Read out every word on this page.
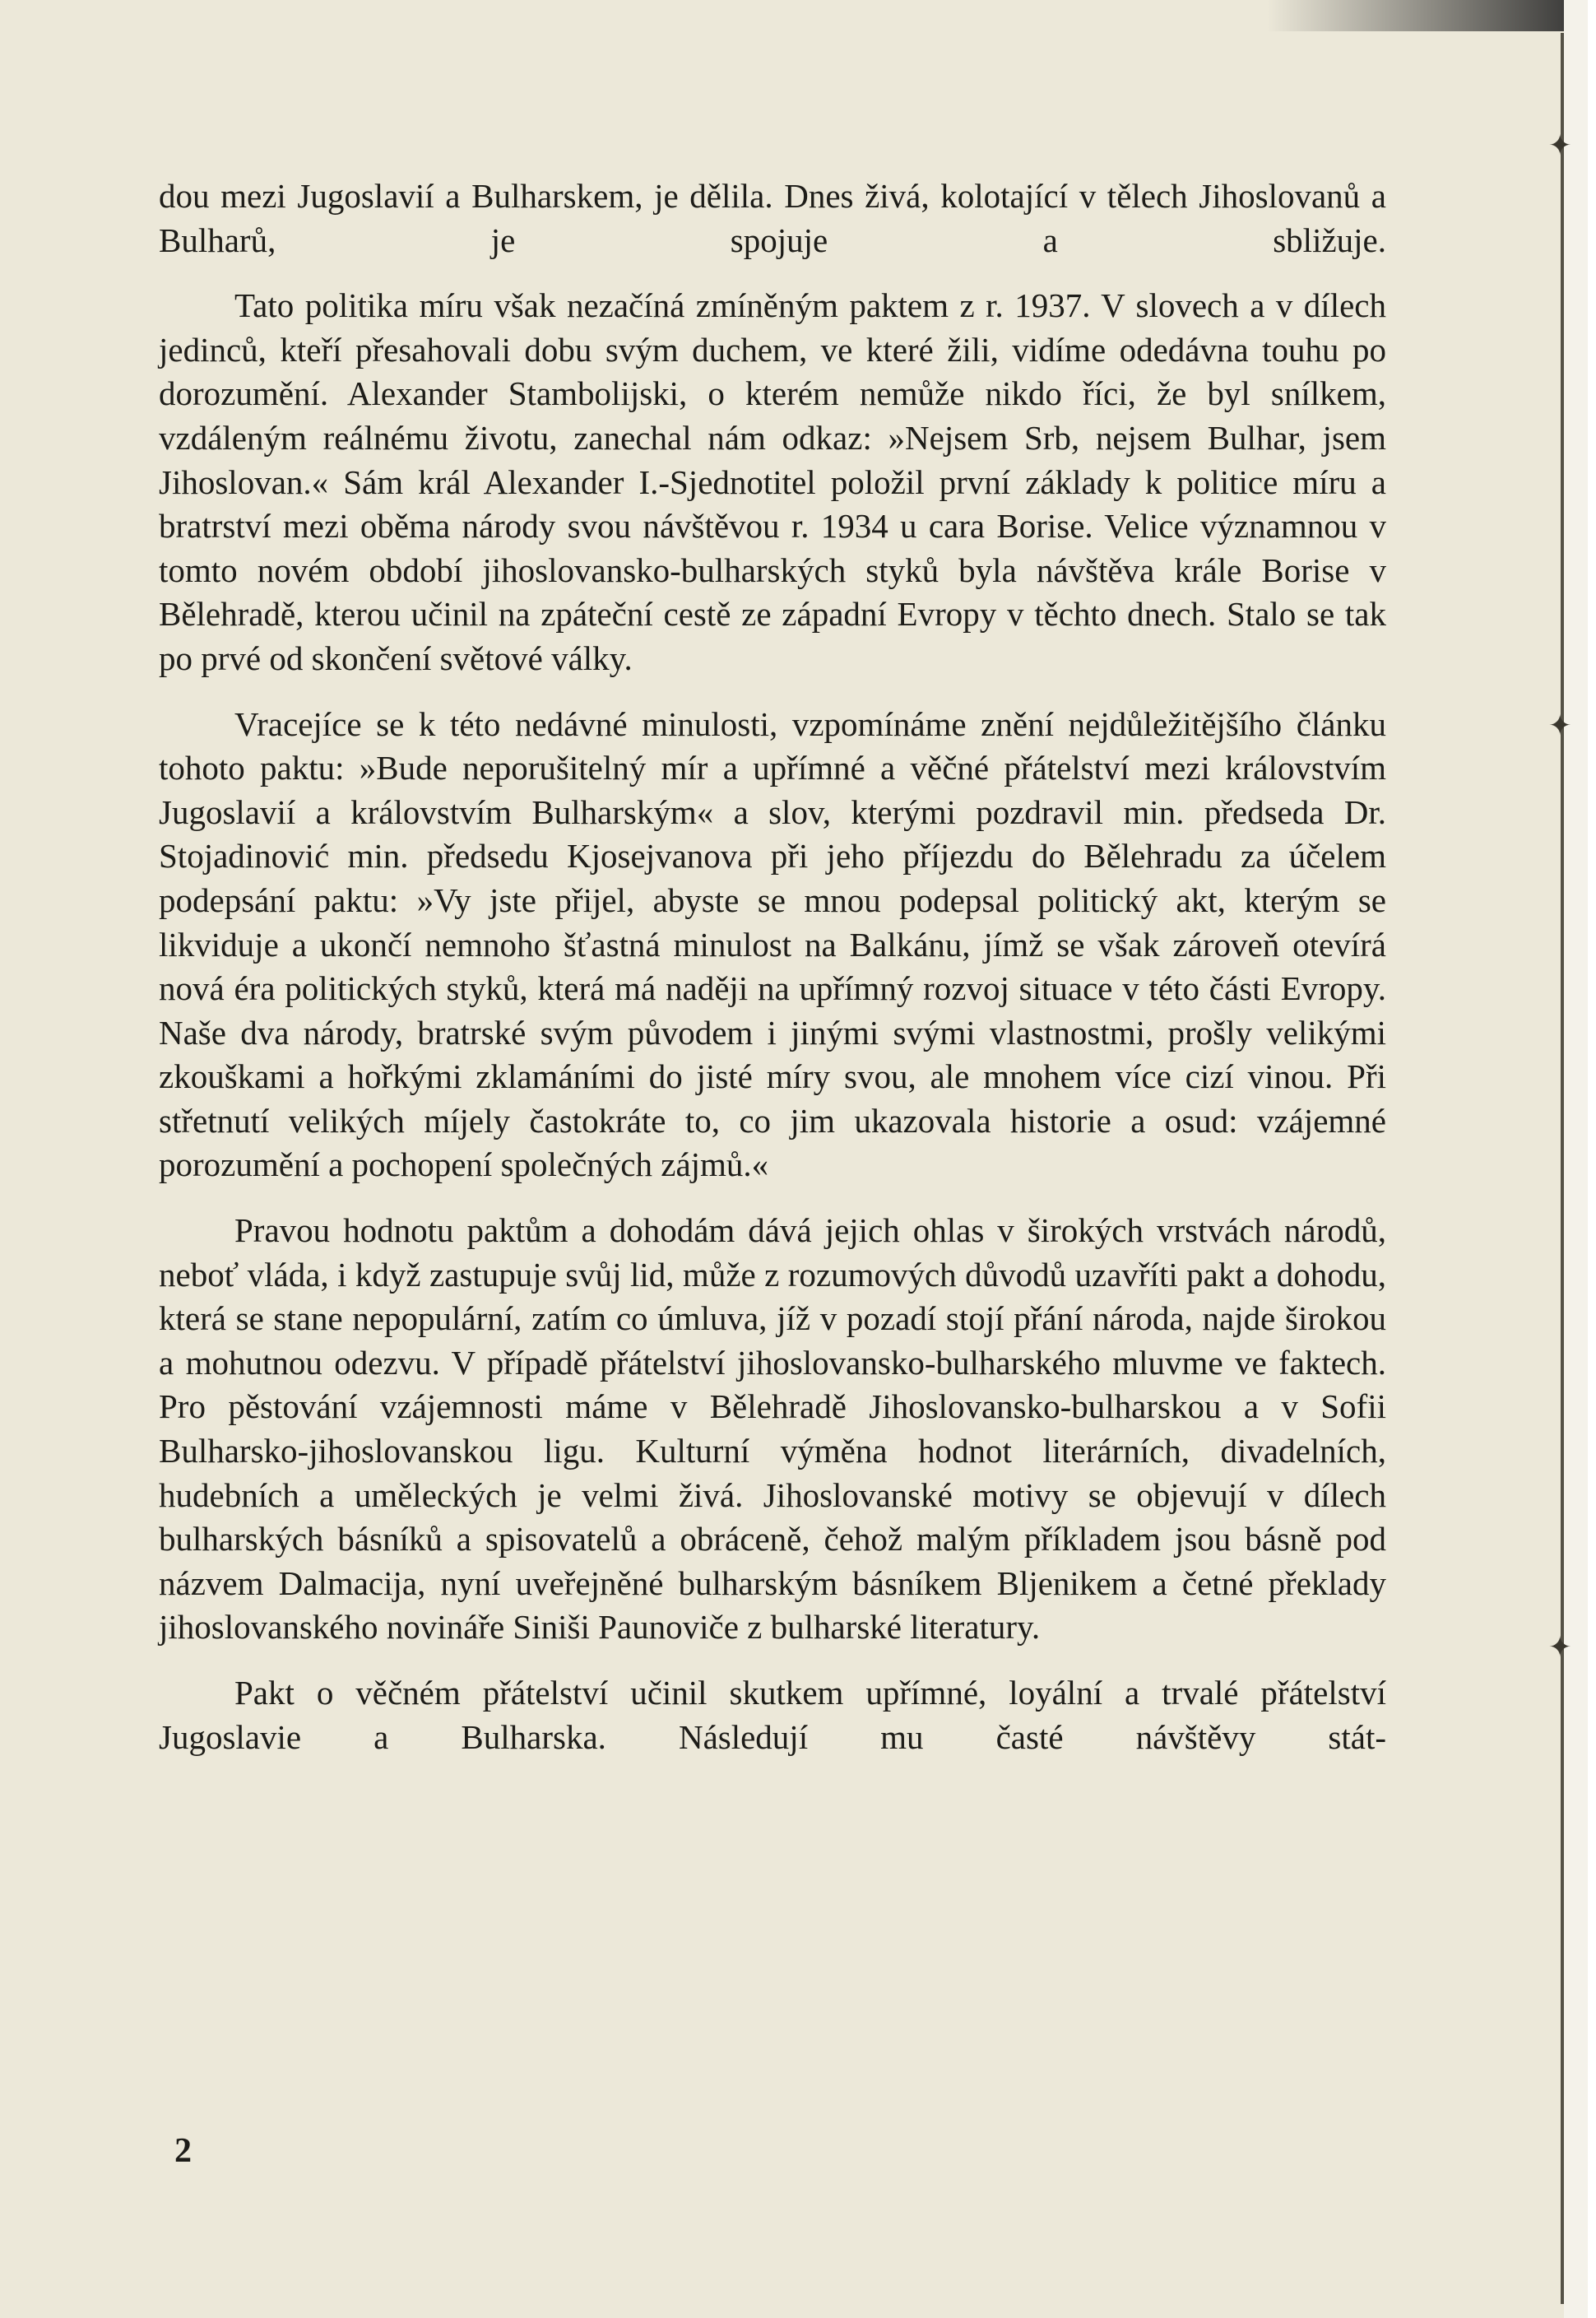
dou mezi Jugoslavií a Bulharskem, je dělila. Dnes živá, kolotající v tělech Jihoslovanů a Bulharů, je spojuje a sbližuje.

Tato politika míru však nezačíná zmíněným paktem z r. 1937. V slovech a v dílech jedinců, kteří přesahovali dobu svým duchem, ve které žili, vidíme odedávna touhu po dorozumění. Alexander Stambolijski, o kterém nemůže nikdo říci, že byl snílkem, vzdáleným reálnému životu, zanechal nám odkaz: »Nejsem Srb, nejsem Bulhar, jsem Jihoslovan.« Sám král Alexander I.-Sjednotitel položil první základy k politice míru a bratrství mezi oběma národy svou návštěvou r. 1934 u cara Borise. Velice významnou v tomto novém období jihoslovansko-bulharských styků byla návštěva krále Borise v Bělehradě, kterou učinil na zpáteční cestě ze západní Evropy v těchto dnech. Stalo se tak po prvé od skončení světové války.

Vracejíce se k této nedávné minulosti, vzpomínáme znění nejdůležitějšího článku tohoto paktu: »Bude neporušitelný mír a upřímné a věčné přátelství mezi královstvím Jugoslavií a královstvím Bulharským« a slov, kterými pozdravil min. předseda Dr. Stojadinović min. předsedu Kjosejvanova při jeho příjezdu do Bělehradu za účelem podepsání paktu: »Vy jste přijel, abyste se mnou podepsal politický akt, kterým se likviduje a ukončí nemnoho šťastná minulost na Balkánu, jímž se však zároveň otevírá nová éra politických styků, která má naději na upřímný rozvoj situace v této části Evropy. Naše dva národy, bratrské svým původem i jinými svými vlastnostmi, prošly velikými zkouškami a hořkými zklamáními do jisté míry svou, ale mnohem více cizí vinou. Při střetnutí velikých míjely častokráte to, co jim ukazovala historie a osud: vzájemné porozumění a pochopení společných zájmů.«

Pravou hodnotu paktům a dohodám dává jejich ohlas v širokých vrstvách národů, neboť vláda, i když zastupuje svůj lid, může z rozumových důvodů uzavříti pakt a dohodu, která se stane nepopulární, zatím co úmluva, jíž v pozadí stojí přání národa, najde širokou a mohutnou odezvu. V případě přátelství jihoslovansko-bulharského mluvme ve faktech. Pro pěstování vzájemnosti máme v Bělehradě Jihoslovansko-bulharskou a v Sofii Bulharsko-jihoslovanskou ligu. Kulturní výměna hodnot literárních, divadelních, hudebních a uměleckých je velmi živá. Jihoslovanské motivy se objevují v dílech bulharských básníků a spisovatelů a obráceně, čehož malým příkladem jsou básně pod názvem Dalmacija, nyní uveřejněné bulharským básníkem Bljenikem a četné překlady jihoslovanského novináře Siniši Paunoviče z bulharské literatury.

Pakt o věčném přátelství učinil skutkem upřímné, loyální a trvalé přátelství Jugoslavie a Bulharska. Následují mu časté návštěvy stát-

2
✦
✦
✦
